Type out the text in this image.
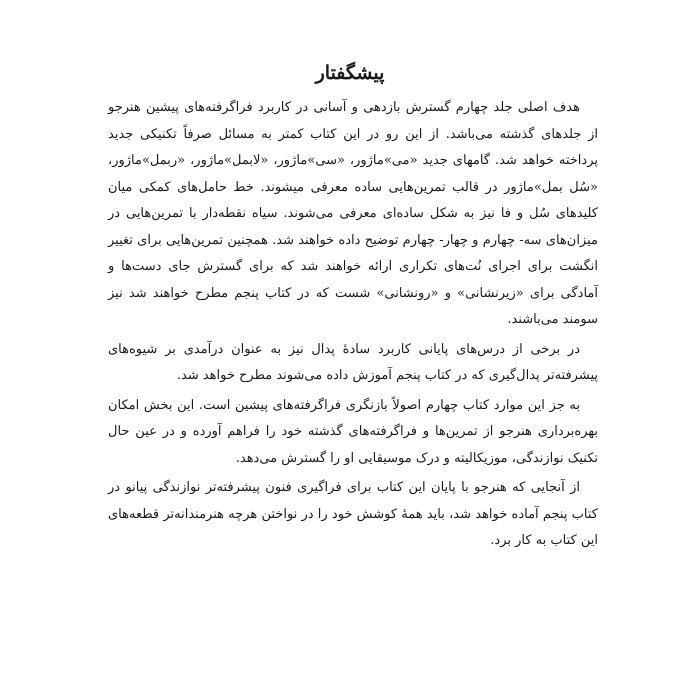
پیشگفتار

هدف اصلی جلد چهارم گسترش بازدهی و آسانی در کاربرد فراگرفته‌های پیشین هنرجو از جلدهای گذشته می‌باشد. از این رو در این کتاب کمتر به مسائل صرفاً تکنیکی جدید پرداخته خواهد شد. گامهای جدید «می»ماژور، «سی»ماژور، «لابمل»ماژور، «ربمل»ماژور، «سُل بمل»ماژور در قالب تمرین‌هایی ساده معرفی میشوند. خط حامل‌های کمکی میان کلیدهای سُل و فا نیز به شکل ساده‌ای معرفی می‌شوند. سیاه نقطه‌دار با تمرین‌هایی در میزان‌های سه- چهارم و چهار- چهارم توضیح داده خواهند شد. همچنین تمرین‌هایی برای تغییر انگشت برای اجرای نُت‌های تکراری ارائه خواهند شد که برای گسترش جای دست‌ها و آمادگی برای «زیرنشانی» و «رونشانی» شست که در کتاب پنجم مطرح خواهند شد نیز سومند می‌باشند.

در برخی از درس‌های پایانی کاربرد سادهٔ پدال نیز به عنوان درآمدی بر شیوه‌های پیشرفته‌تر پدال‌گیری که در کتاب پنجم آموزش داده می‌شوند مطرح خواهد شد.

به جز این موارد کتاب چهارم اصولاً بازنگری فراگرفته‌های پیشین است. این بخش امکان بهره‌برداری هنرجو از تمرین‌ها و فراگرفته‌های گذشته خود را فراهم آورده و در عین حال تکنیک نوازندگی، موزیکالیته و درک موسیقایی او را گسترش می‌دهد.

از آنجایی که هنرجو با پایان این کتاب برای فراگیری فنون پیشرفته‌تر نوازندگی پیانو در کتاب پنجم آماده خواهد شد، باید همهٔ کوشش خود را در نواختن هرچه هنرمندانه‌تر قطعه‌های این کتاب به کار برد.
